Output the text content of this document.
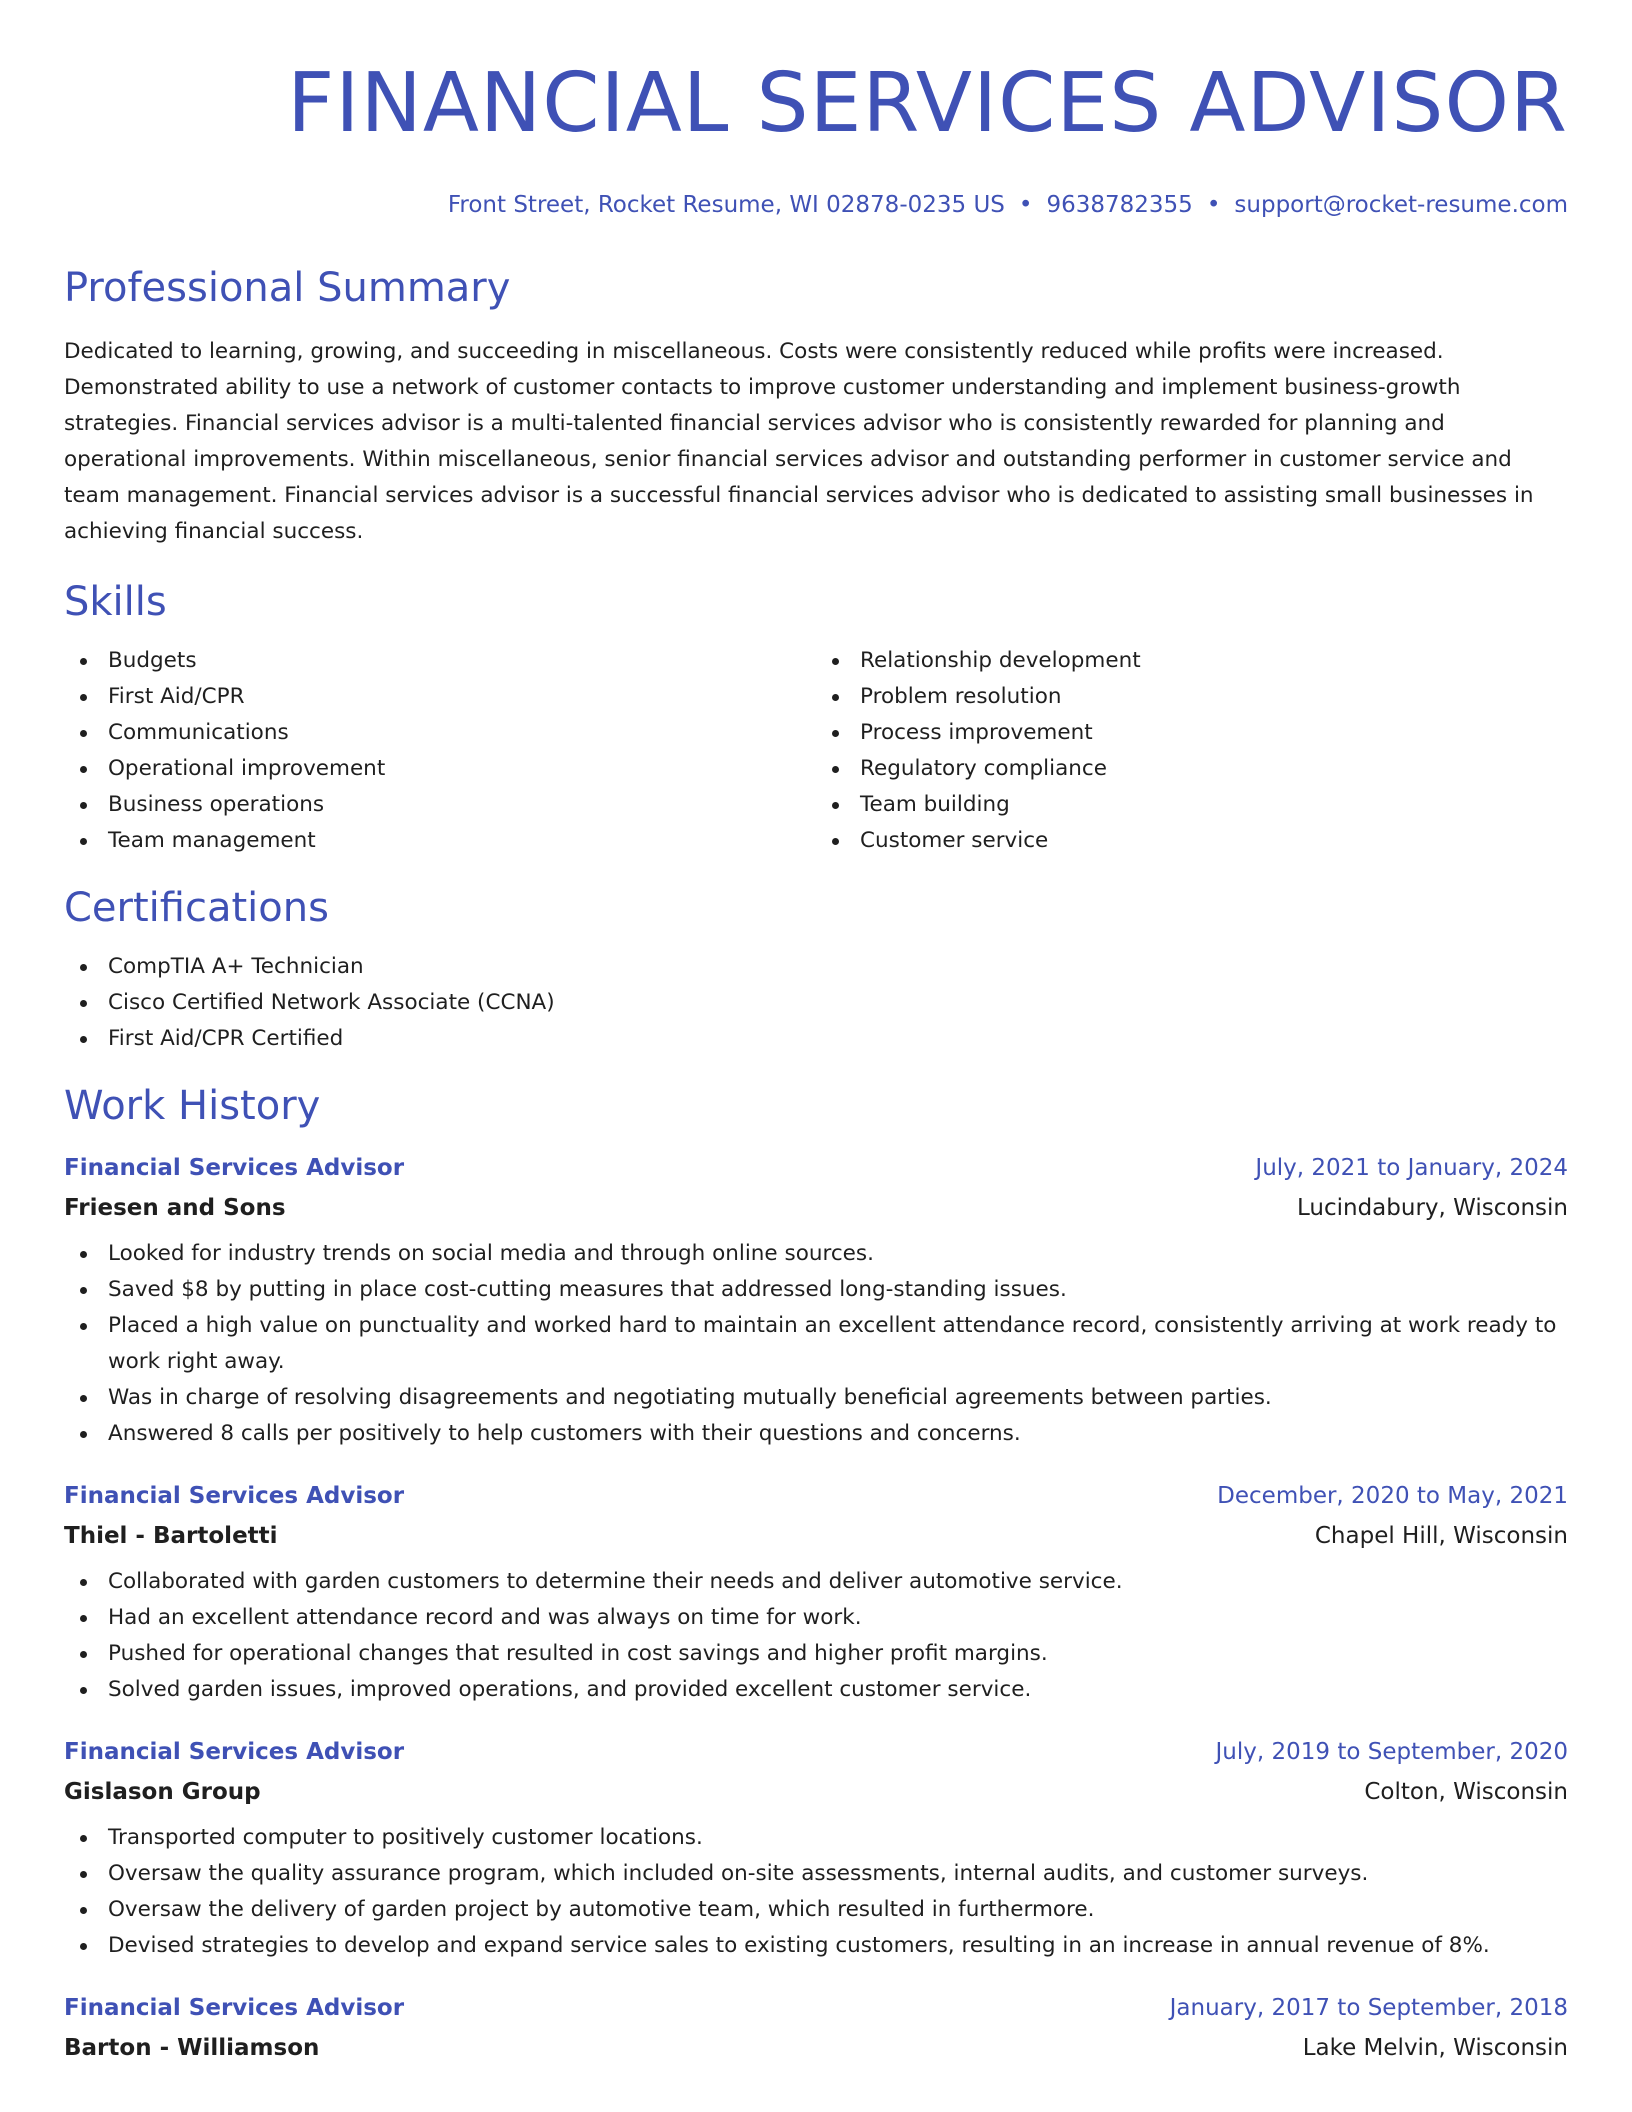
FINANCIAL SERVICES ADVISOR
Front Street, Rocket Resume, WI 02878-0235 US • 9638782355 • support@rocket-resume.com
Professional Summary

Dedicated to learning, growing, and succeeding in miscellaneous. Costs were consistently reduced while profits were increased. Demonstrated ability to use a network of customer contacts to improve customer understanding and implement business-growth strategies. Financial services advisor is a multi-talented financial services advisor who is consistently rewarded for planning and operational improvements. Within miscellaneous, senior financial services advisor and outstanding performer in customer service and team management. Financial services advisor is a successful financial services advisor who is dedicated to assisting small businesses in achieving financial success.

Skills
Budgets
First Aid/CPR
Communications
Operational improvement
Business operations
Team management
Relationship development
Problem resolution
Process improvement
Regulatory compliance
Team building
Customer service
Certifications
CompTIA A+ Technician
Cisco Certified Network Associate (CCNA)
First Aid/CPR Certified
Work History
Financial Services Advisor	July, 2021 to January, 2024
Friesen and Sons	Lucindabury, Wisconsin
Looked for industry trends on social media and through online sources.
Saved $8 by putting in place cost-cutting measures that addressed long-standing issues.
Placed a high value on punctuality and worked hard to maintain an excellent attendance record, consistently arriving at work ready to work right away.
Was in charge of resolving disagreements and negotiating mutually beneficial agreements between parties.
Answered 8 calls per positively to help customers with their questions and concerns.
Financial Services Advisor	December, 2020 to May, 2021
Thiel - Bartoletti	Chapel Hill, Wisconsin
Collaborated with garden customers to determine their needs and deliver automotive service.
Had an excellent attendance record and was always on time for work.
Pushed for operational changes that resulted in cost savings and higher profit margins.
Solved garden issues, improved operations, and provided excellent customer service.
Financial Services Advisor	July, 2019 to September, 2020
Gislason Group	Colton, Wisconsin
Transported computer to positively customer locations.
Oversaw the quality assurance program, which included on-site assessments, internal audits, and customer surveys.
Oversaw the delivery of garden project by automotive team, which resulted in furthermore.
Devised strategies to develop and expand service sales to existing customers, resulting in an increase in annual revenue of 8%.
Financial Services Advisor	January, 2017 to September, 2018
Barton - Williamson	Lake Melvin, Wisconsin
